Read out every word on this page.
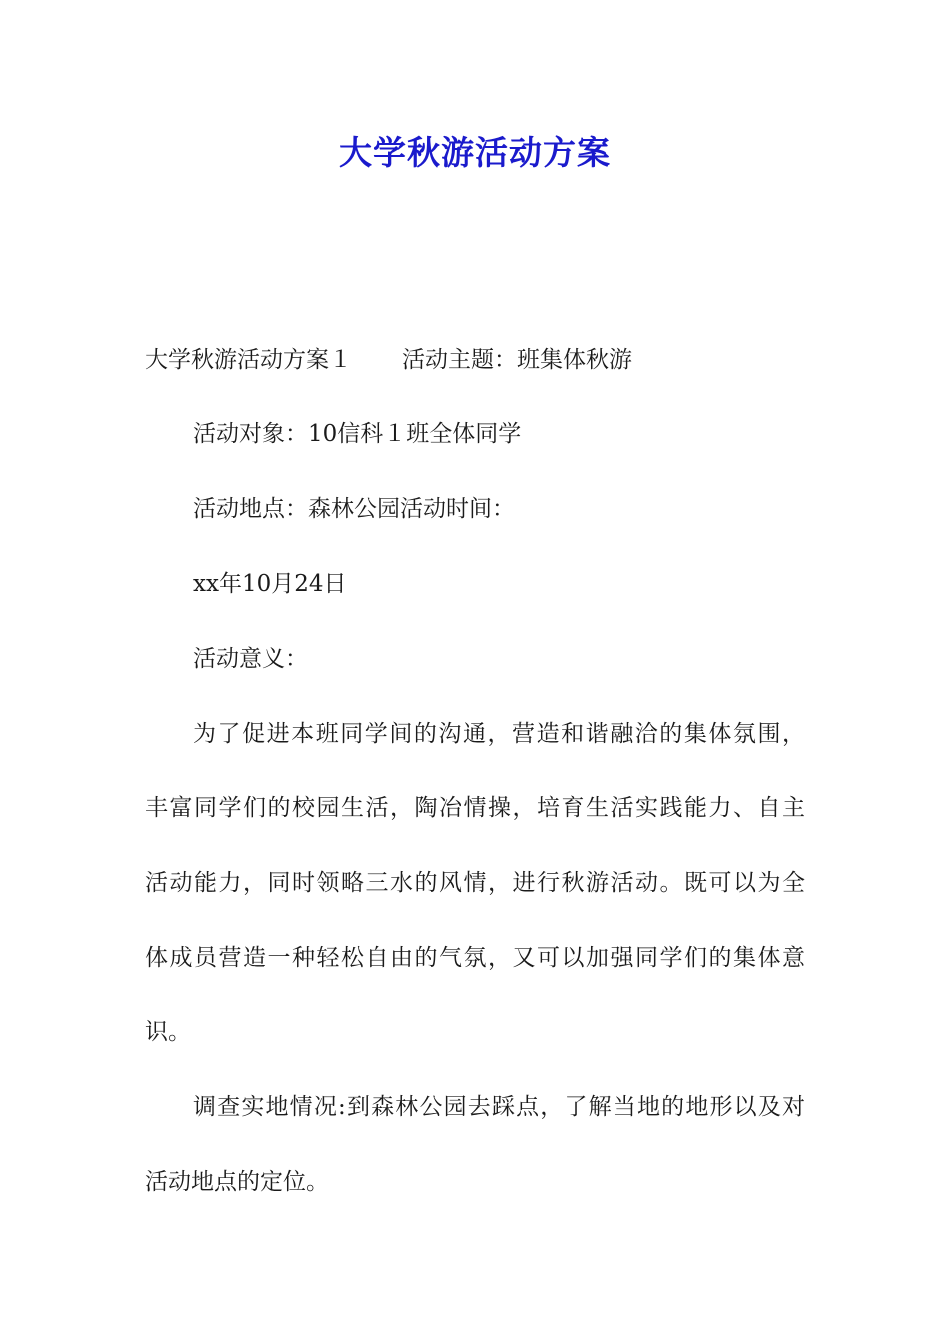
大学秋游活动方案

大学秋游活动方案１ 活动主题：班集体秋游

活动对象：10信科１班全体同学

活动地点：森林公园活动时间：

xx年10月24日

活动意义：

为了促进本班同学间的沟通，营造和谐融洽的集体氛围，

丰富同学们的校园生活，陶冶情操，培育生活实践能力、自主

活动能力，同时领略三水的风情，进行秋游活动。既可以为全

体成员营造一种轻松自由的气氛，又可以加强同学们的集体意

识。

调查实地情况:到森林公园去踩点，了解当地的地形以及对

活动地点的定位。
